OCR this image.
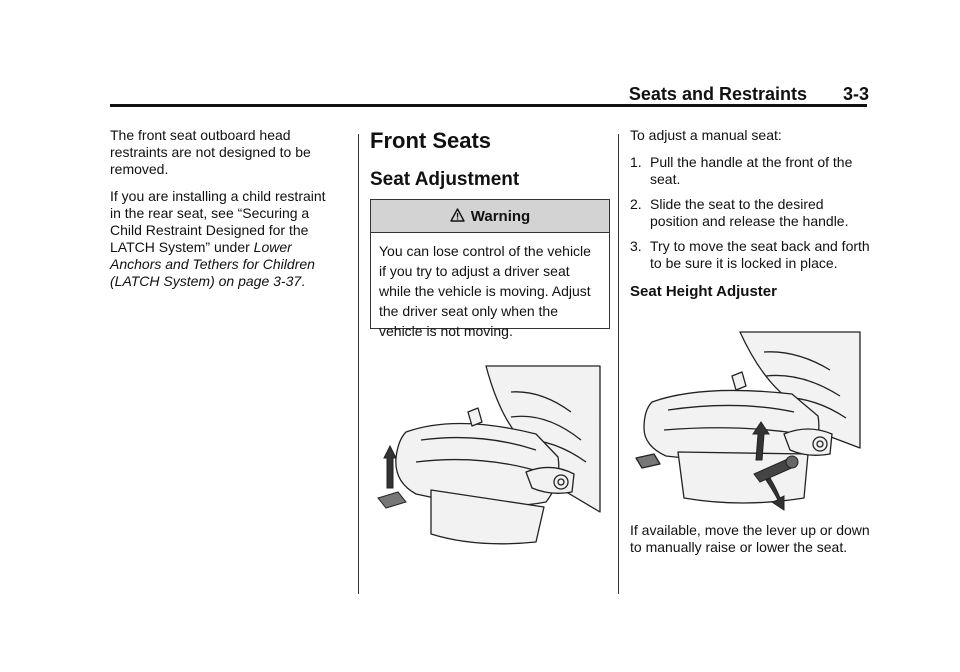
Seats and Restraints 3-3

The front seat outboard head restraints are not designed to be removed.

If you are installing a child restraint in the rear seat, see “Securing a Child Restraint Designed for the LATCH System” under Lower Anchors and Tethers for Children (LATCH System) on page 3-37.

Front Seats
Seat Adjustment
Warning
You can lose control of the vehicle if you try to adjust a driver seat while the vehicle is moving. Adjust the driver seat only when the vehicle is not moving.

To adjust a manual seat:

1. Pull the handle at the front of the seat.
2. Slide the seat to the desired position and release the handle.
3. Try to move the seat back and forth to be sure it is locked in place.
Seat Height Adjuster

If available, move the lever up or down to manually raise or lower the seat.
